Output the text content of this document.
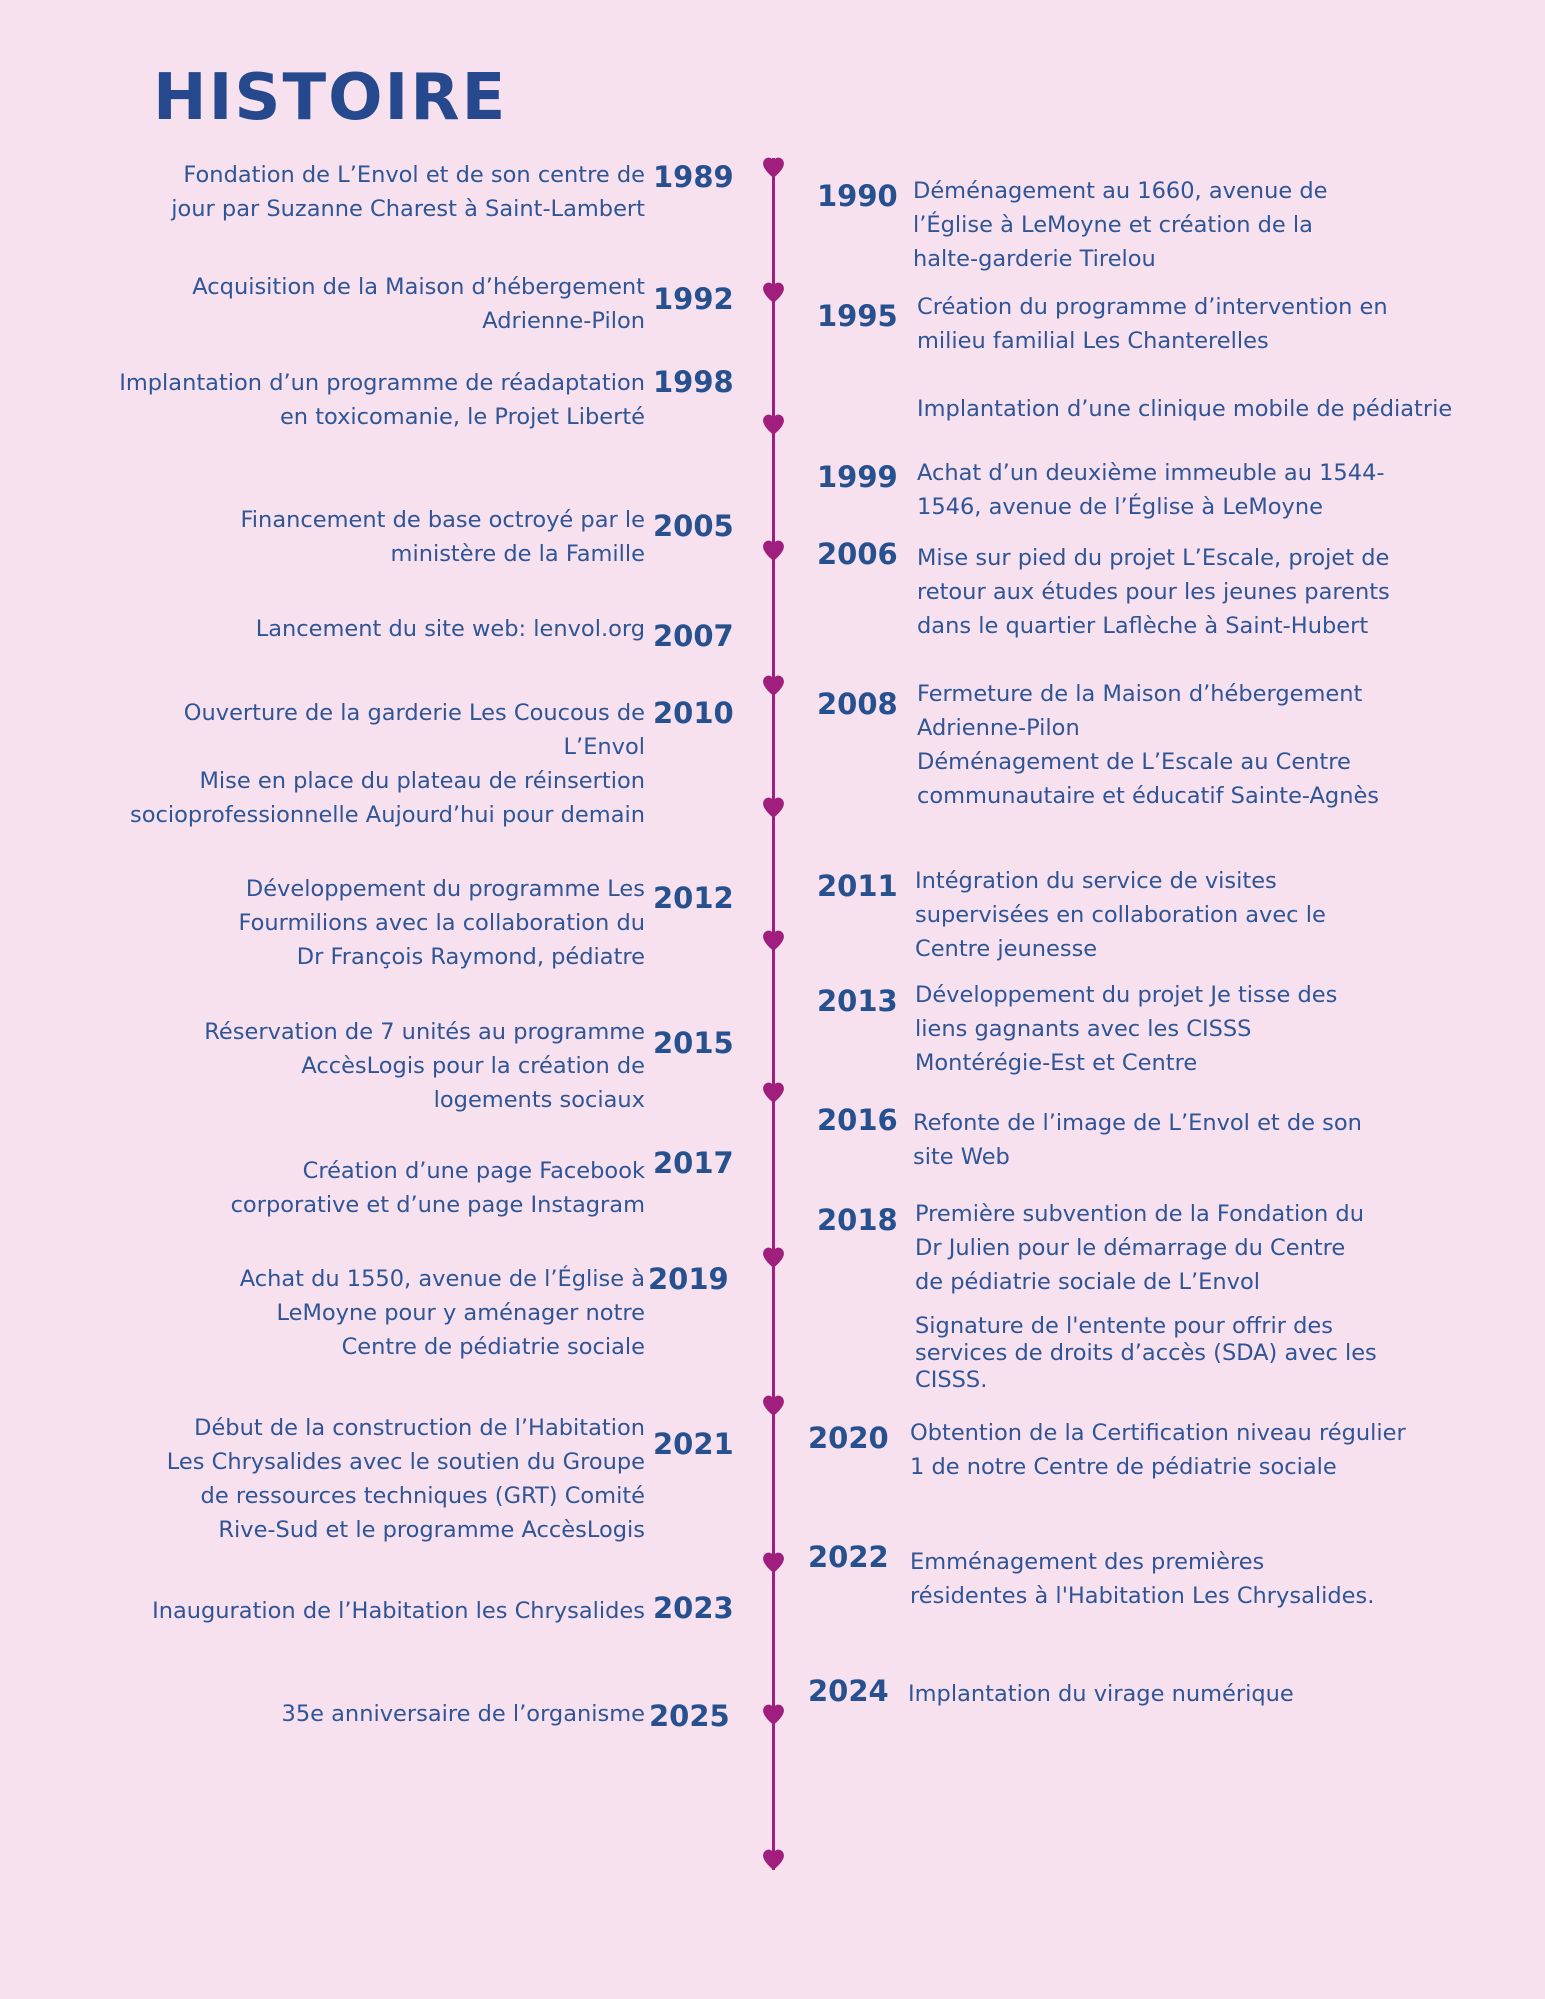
HISTOIRE

Fondation de L’Envol et de son centre de
jour par Suzanne Charest à Saint-Lambert

1989

Acquisition de la Maison d’hébergement
Adrienne-Pilon

1992

Implantation d’un programme de réadaptation
en toxicomanie, le Projet Liberté

1998

Financement de base octroyé par le
ministère de la Famille

2005

Lancement du site web: lenvol.org 2007

Ouverture de la garderie Les Coucous de
L’Envol
Mise en place du plateau de réinsertion
socioprofessionnelle Aujourd’hui pour demain

2010

Développement du programme Les
Fourmilions avec la collaboration du
Dr François Raymond, pédiatre

2012

Réservation de 7 unités au programme
AccèsLogis pour la création de
logements sociaux

2015

Création d’une page Facebook
corporative et d’une page Instagram

2017

Achat du 1550, avenue de l’Église à
LeMoyne pour y aménager notre
Centre de pédiatrie sociale

2019

Début de la construction de l’Habitation
Les Chrysalides avec le soutien du Groupe
de ressources techniques (GRT) Comité
Rive-Sud et le programme AccèsLogis

2021

Inauguration de l’Habitation les Chrysalides 2023

35e anniversaire de l’organisme 2025

Déménagement au 1660, avenue de
l’Église à LeMoyne et création de la
halte-garderie Tirelou

1990

Création du programme d’intervention en
milieu familial Les Chanterelles

1995

Implantation d’une clinique mobile de pédiatrie

Achat d’un deuxième immeuble au 1544-
1546, avenue de l’Église à LeMoyne

1999

Mise sur pied du projet L’Escale, projet de
retour aux études pour les jeunes parents
dans le quartier Laflèche à Saint-Hubert

2006

Fermeture de la Maison d’hébergement
Adrienne-Pilon
Déménagement de L’Escale au Centre
communautaire et éducatif Sainte-Agnès

2008

Intégration du service de visites
supervisées en collaboration avec le
Centre jeunesse

2011

Développement du projet Je tisse des
liens gagnants avec les CISSS
Montérégie-Est et Centre

2013

Refonte de l’image de L’Envol et de son
site Web

2016

Première subvention de la Fondation du
Dr Julien pour le démarrage du Centre
de pédiatrie sociale de L’Envol

2018

Signature de l'entente pour offrir des
services de droits d’accès (SDA) avec les
CISSS.

Obtention de la Certification niveau régulier
1 de notre Centre de pédiatrie sociale

2020

Emménagement des premières
résidentes à l'Habitation Les Chrysalides.

2022

Implantation du virage numérique

2024
